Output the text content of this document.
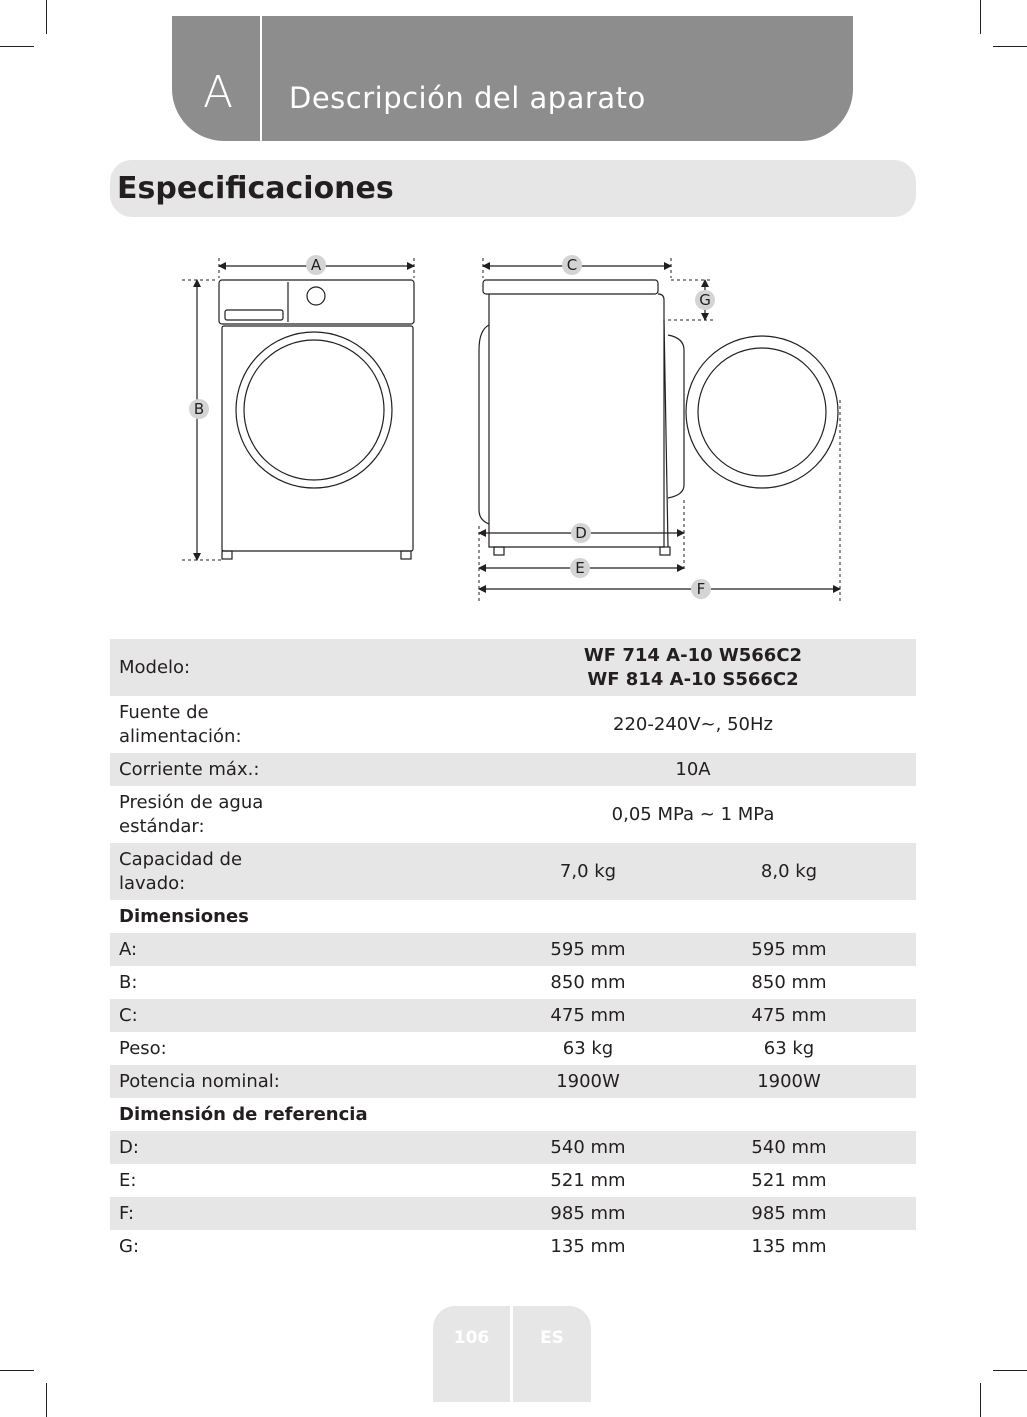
A Descripción del aparato
Especificaciones
A
B
C
D
E
F
G
Modelo:
WF 714 A-10 W566C2
WF 814 A-10 S566C2
Fuente de
alimentación:
220-240V~, 50Hz
Corriente máx.:	10A
Presión de agua
estándar:
0,05 MPa ~ 1 MPa
Capacidad de
lavado:
7,0 kg	8,0 kg
Dimensiones
A:	595 mm	595 mm
B:	850 mm	850 mm
C:	475 mm	475 mm
Peso:	63 kg	63 kg
Potencia nominal:	1900W	1900W
Dimensión de referencia
D:	540 mm	540 mm
E:	521 mm	521 mm
F:	985 mm	985 mm
G:	135 mm	135 mm
106	ES
